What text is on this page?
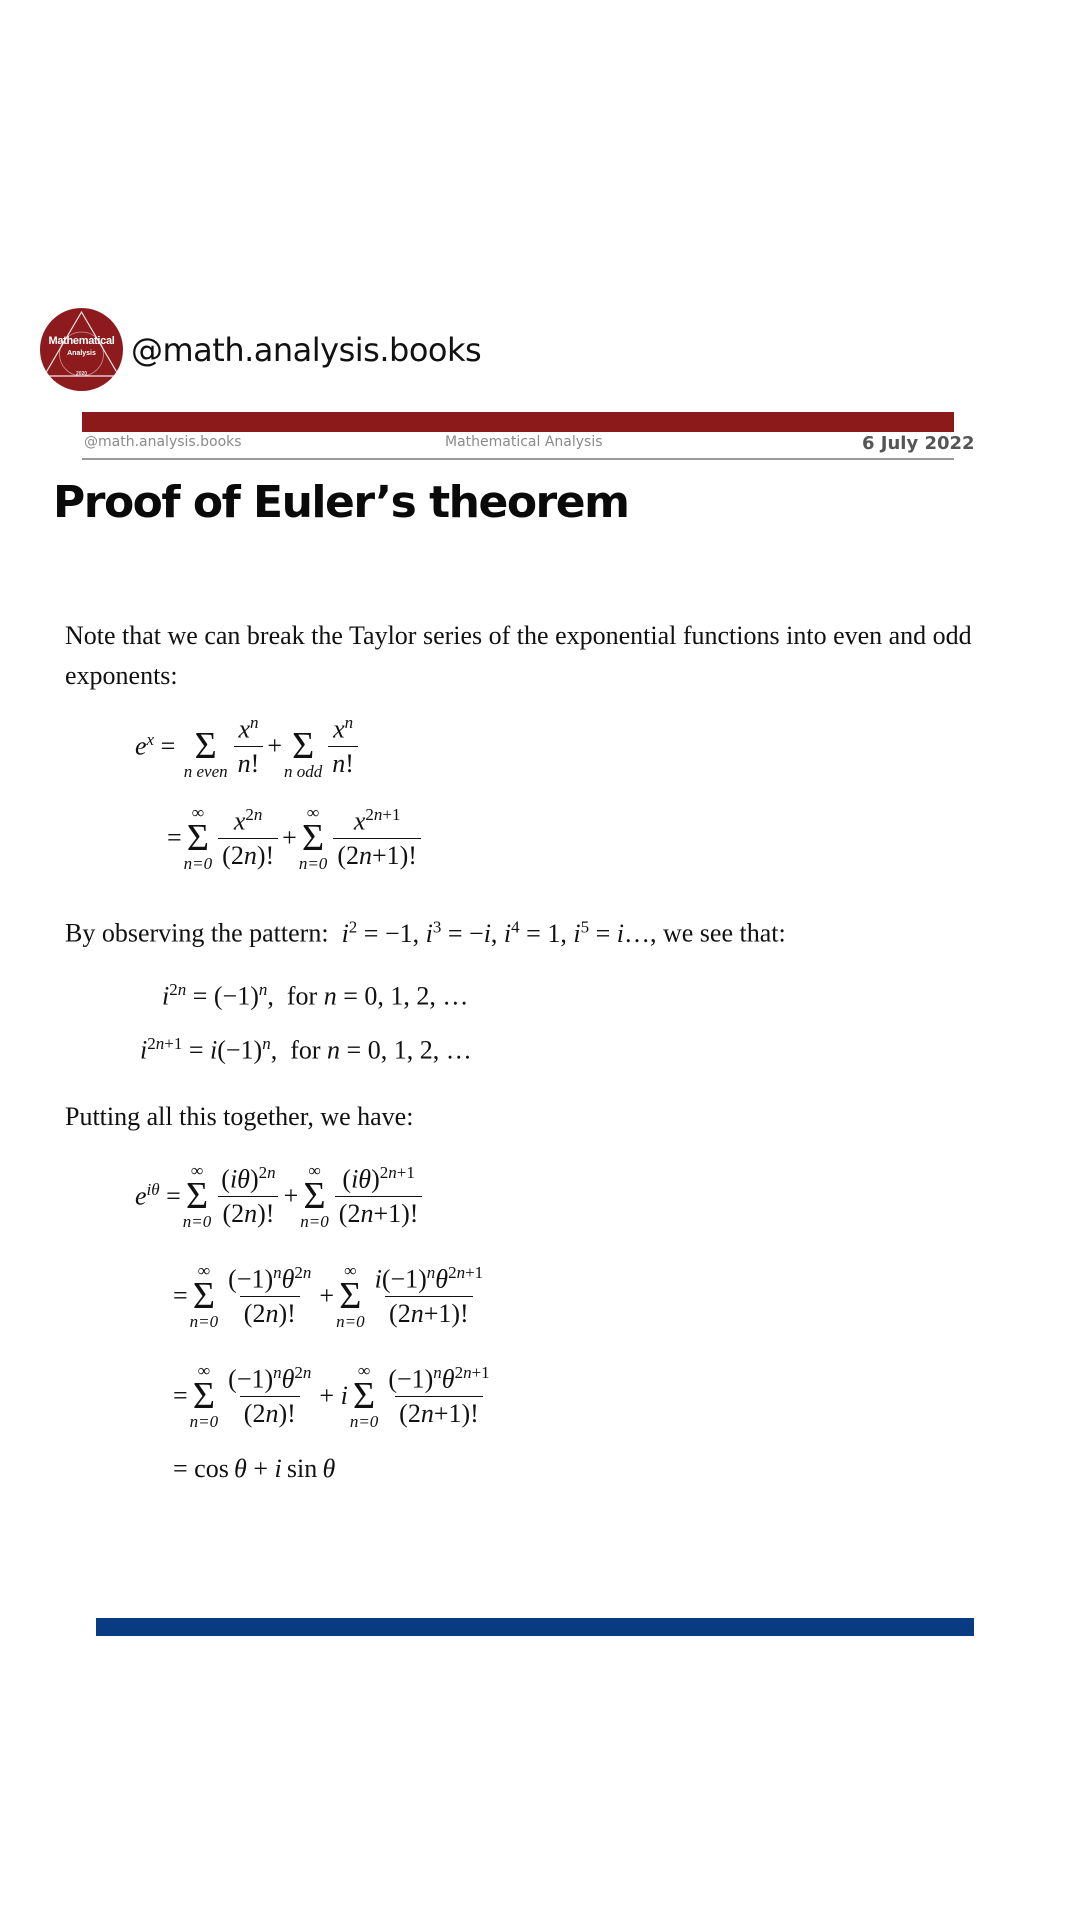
Mathematical
Analysis
2020
@math.analysis.books
@math.analysis.books	Mathematical Analysis	6 July 2022
Proof of Euler’s theorem
Note that we can break the Taylor series of the exponential functions into even and odd exponents:
$e^x$ =
Σ
n even $\frac{x^n}{n!}$ +
Σ
n odd $\frac{x^n}{n!}$
=
∞
Σ
$n=0 \frac{x^{2n}}{(2n)!}$ +
∞
Σ
$n=0 \frac{x^{2n+1}}{(2n+1)!}$
By observing the pattern: $i^2 = -1$, $i^3 = -i$, $i^4 = 1$, $i^5$ = i…, we see that:
$i^{2n} = (-1)^n$,  for n = 0, 1, 2, …
$i^{2n+1} = i(-1)^n$,  for n = 0, 1, 2, …
Putting all this together, we have:
$e^{i\theta}$ =
∞
Σ
$n=0 \frac{(i\theta)^{2n}}{(2n)!}$ +
∞
Σ
$n=0 \frac{(i\theta)^{2n+1}}{(2n+1)!}$
=
∞
Σ
$n=0 \frac{(-1)^n\theta^{2n}}{(2n)!}$ +
∞
Σ
$n=0 \frac{i(-1)^n\theta^{2n+1}}{(2n+1)!}$
=
∞
Σ
$n=0 \frac{(-1)^n\theta^{2n}}{(2n)!} + i$
∞
Σ
$n=0 \frac{(-1)^n\theta^{2n+1}}{(2n+1)!}$
= cos θ + i sin θ
